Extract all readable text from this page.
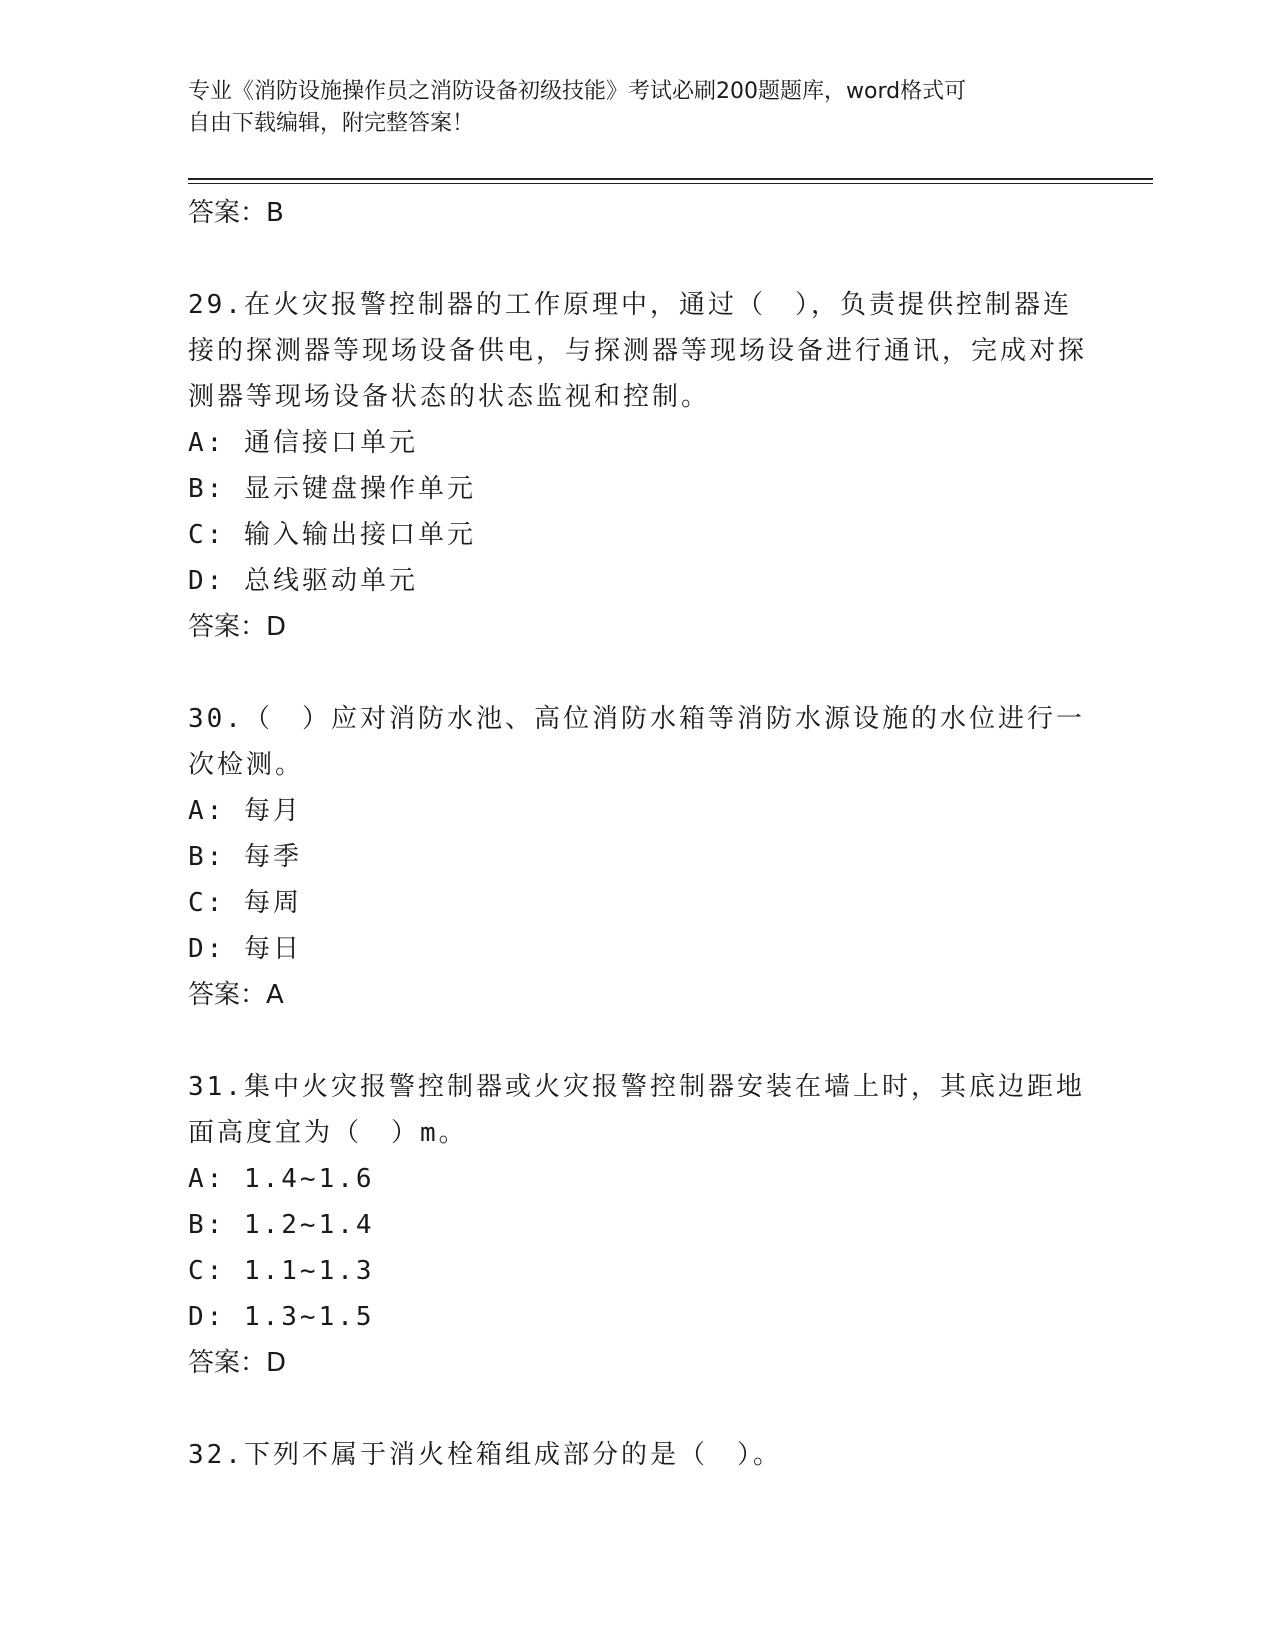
专业《消防设施操作员之消防设备初级技能》考试必刷200题题库，word格式可
自由下载编辑，附完整答案！
答案：B
29.在火灾报警控制器的工作原理中，通过（　），负责提供控制器连接的探测器等现场设备供电，与探测器等现场设备进行通讯，完成对探测器等现场设备状态的状态监视和控制。
A: 通信接口单元
B: 显示键盘操作单元
C: 输入输出接口单元
D: 总线驱动单元
答案：D
30.（　）应对消防水池、高位消防水箱等消防水源设施的水位进行一次检测。
A: 每月
B: 每季
C: 每周
D: 每日
答案：A
31.集中火灾报警控制器或火灾报警控制器安装在墙上时，其底边距地面高度宜为（　）m。
A: 1.4~1.6
B: 1.2~1.4
C: 1.1~1.3
D: 1.3~1.5
答案：D
32.下列不属于消火栓箱组成部分的是（　）。
